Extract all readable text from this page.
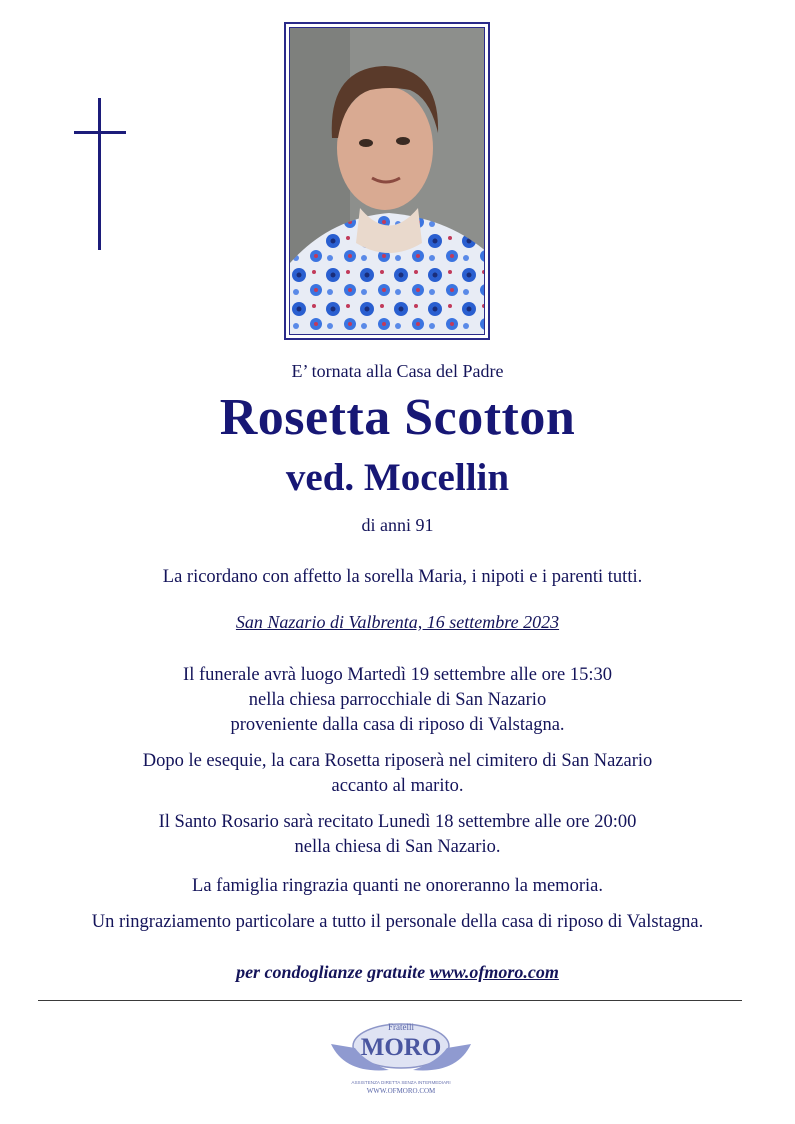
E’ tornata alla Casa del Padre
Rosetta Scotton
ved. Mocellin
di anni 91
La ricordano con affetto la sorella Maria, i nipoti e i parenti tutti.
San Nazario di Valbrenta, 16 settembre 2023
Il funerale avrà luogo Martedì 19 settembre alle ore 15:30
nella chiesa parrocchiale di San Nazario
proveniente dalla casa di riposo di Valstagna.
Dopo le esequie, la cara Rosetta riposerà nel cimitero di San Nazario
accanto al marito.
Il Santo Rosario sarà recitato Lunedì 18 settembre alle ore 20:00
nella chiesa di San Nazario.
La famiglia ringrazia quanti ne onoreranno la memoria.
Un ringraziamento particolare a tutto il personale della casa di riposo di Valstagna.
per condoglianze gratuite www.ofmoro.com
Fratelli
MORO
ASSISTENZA DIRETTA SENZA INTERMEDIARI
WWW.OFMORO.COM
